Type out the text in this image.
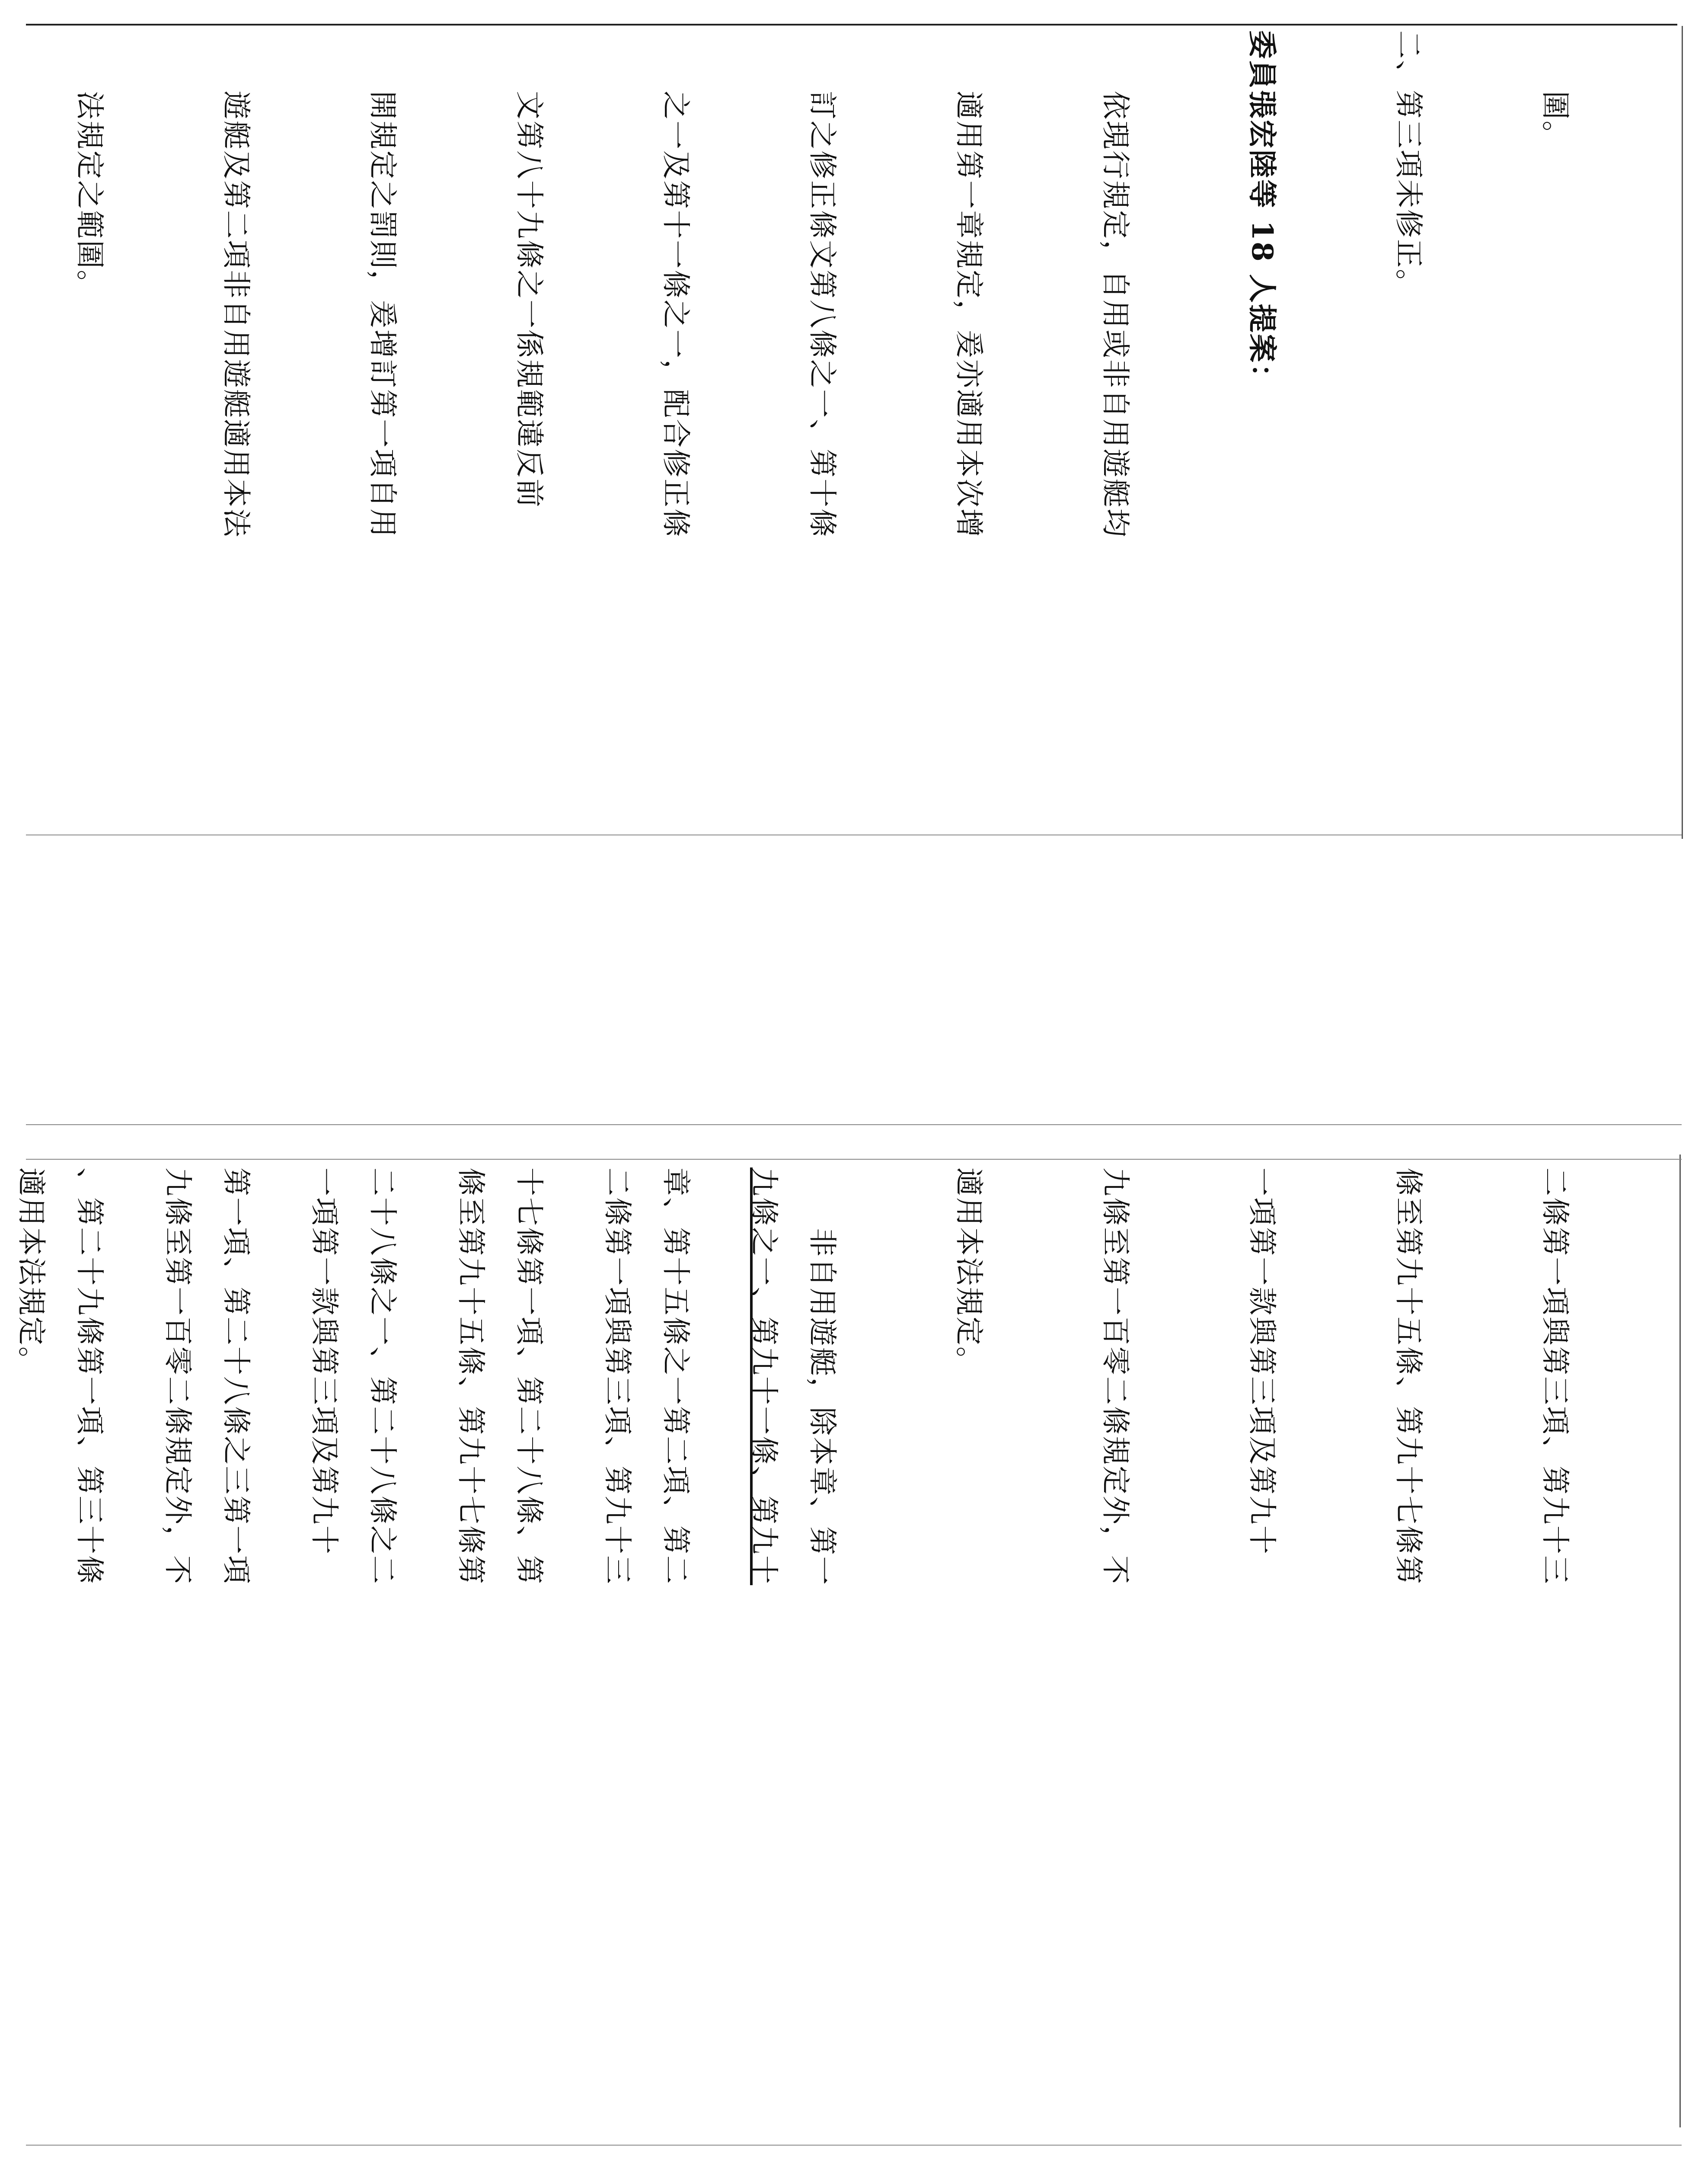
圍。

二、第三項未修正。

委員張宏陸等 18 人提案：

依現行規定，自用或非自用遊艇均

適用第一章規定，爰亦適用本次增

訂之修正條文第八條之一、第十條

之一及第十一條之一，配合修正條

文第八十九條之一係規範違反前

開規定之罰則，爰增訂第一項自用

遊艇及第二項非自用遊艇適用本法

法規定之範圍。

二條第一項與第三項、第九十三

條至第九十五條、第九十七條第

一項第一款與第三項及第九十

九條至第一百零二條規定外，不

適用本法規定。

非自用遊艇，除本章、第一

章、第十五條之一第二項、第二

十七條第一項、第二十八條、第

二十八條之一、第二十八條之二

第一項、第二十八條之三第一項

、第二十九條第一項、第三十條

	九條之一、第九十一條、第九十

二條第一項與第三項、第九十三

條至第九十五條、第九十七條第

一項第一款與第三項及第九十

九條至第一百零二條規定外，不

適用本法規定。
